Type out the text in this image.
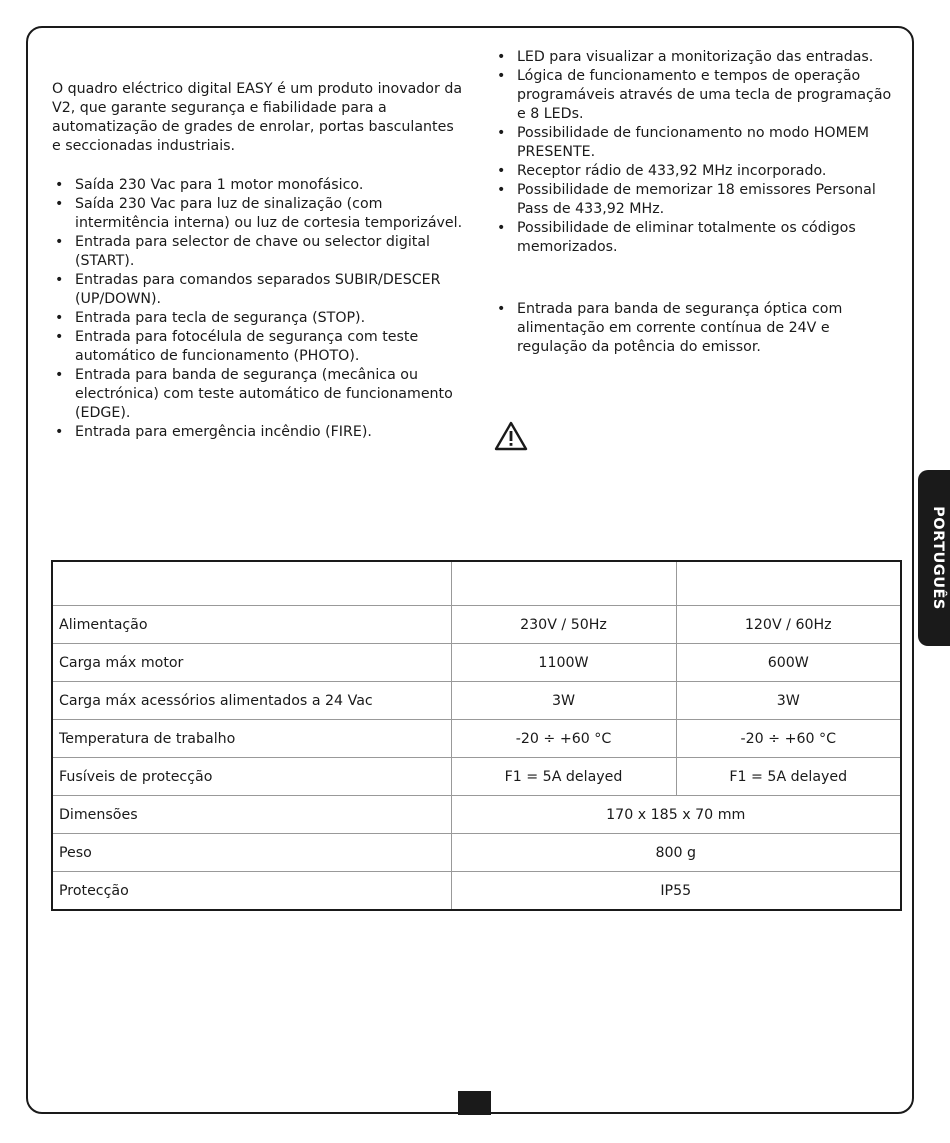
O quadro eléctrico digital EASY é um produto inovador da V2, que garante segurança e fiabilidade para a automatização de grades de enrolar, portas basculantes e seccionadas industriais.

• Saída 230 Vac para 1 motor monofásico.
• Saída 230 Vac para luz de sinalização (com intermitência interna) ou luz de cortesia temporizável.
• Entrada para selector de chave ou selector digital (START).
• Entradas para comandos separados SUBIR/DESCER (UP/DOWN).
• Entrada para tecla de segurança (STOP).
• Entrada para fotocélula de segurança com teste automático de funcionamento (PHOTO).
• Entrada para banda de segurança (mecânica ou electrónica) com teste automático de funcionamento (EDGE).
• Entrada para emergência incêndio (FIRE).
• LED para visualizar a monitorização das entradas.
• Lógica de funcionamento e tempos de operação programáveis através de uma tecla de programação e 8 LEDs.
• Possibilidade de funcionamento no modo HOMEM PRESENTE.
• Receptor rádio de 433,92 MHz incorporado.
• Possibilidade de memorizar 18 emissores Personal Pass de 433,92 MHz.
• Possibilidade de eliminar totalmente os códigos memorizados.
• Entrada para banda de segurança óptica com alimentação em corrente contínua de 24V e regulação da potência do emissor.
PORTUGUÊS

Alimentação	230V / 50Hz	120V / 60Hz
Carga máx motor	1100W	600W
Carga máx acessórios alimentados a 24 Vac	3W	3W
Temperatura de trabalho	-20 ÷ +60 °C	-20 ÷ +60 °C
Fusíveis de protecção	F1 = 5A delayed	F1 = 5A delayed
Dimensões	170 x 185 x 70 mm	
Peso	800 g	
Protecção	IP55	
